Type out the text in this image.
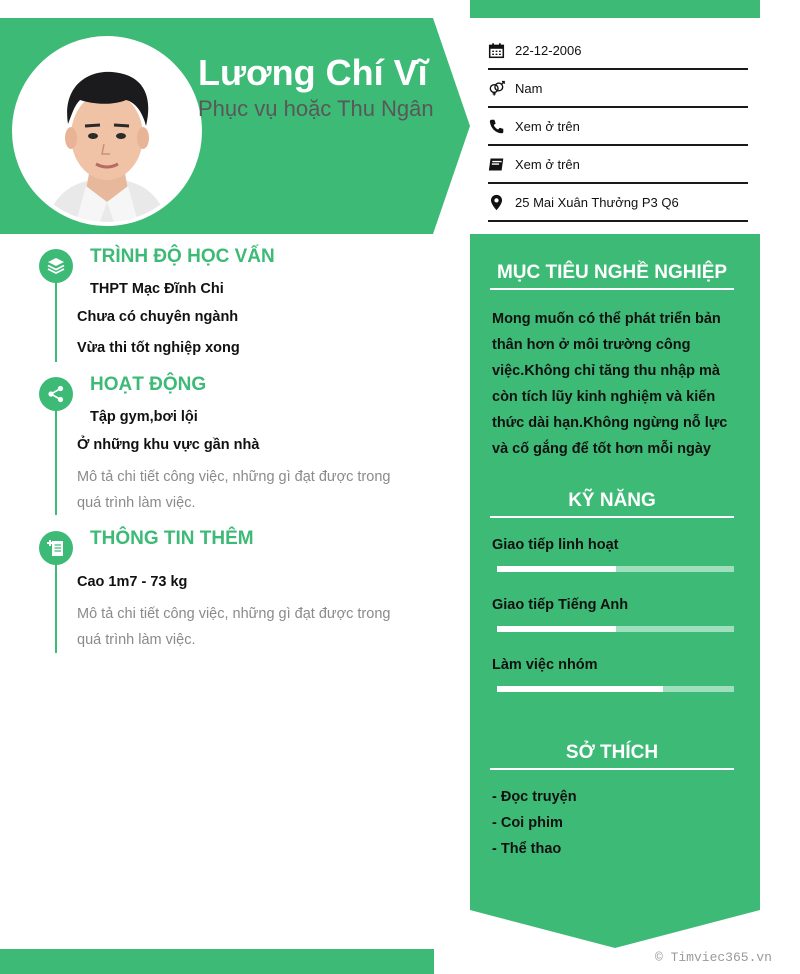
Lương Chí Vĩ
Phục vụ hoặc Thu Ngân
22-12-2006
Nam
Xem ở trên
Xem ở trên
25 Mai Xuân Thưởng P3 Q6
MỤC TIÊU NGHỀ NGHIỆP
Mong muốn có thể phát triển bản thân hơn ở môi trường công việc.Không chỉ tăng thu nhập mà còn tích lũy kinh nghiệm và kiến thức dài hạn.Không ngừng nỗ lực và cố gắng để tốt hơn mỗi ngày
KỸ NĂNG
Giao tiếp linh hoạt
Giao tiếp Tiếng Anh
Làm việc nhóm
SỞ THÍCH
- Đọc truyện
- Coi phim
- Thể thao
TRÌNH ĐỘ HỌC VẤN
THPT Mạc Đĩnh Chi
Chưa có chuyên ngành
Vừa thi tốt nghiệp xong
HOẠT ĐỘNG
Tập gym,bơi lội
Ở những khu vực gần nhà
Mô tả chi tiết công việc, những gì đạt được trong quá trình làm việc.
THÔNG TIN THÊM
Cao 1m7 - 73 kg
Mô tả chi tiết công việc, những gì đạt được trong quá trình làm việc.
© Timviec365.vn
